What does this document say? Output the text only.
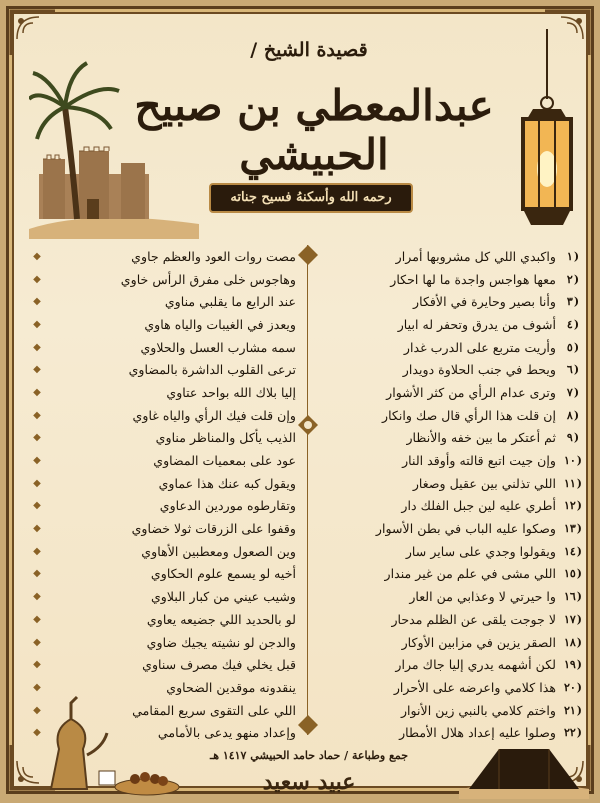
قصيدة الشيخ /
عبدالمعطي بن صبيح الحبيشي
رحمه الله وأسكنهُ فسيح جناته
( ١
واكبدي اللي كل مشروبها أمرار
( ٢
معها هواجس واجدة ما لها احكار
( ٣
وأنا بصير وحايرة في الأفكار
( ٤
أشوف من يدرق وتحفر له ابيار
( ٥
وأريت متربع على الدرب غدار
( ٦
ويحط في جنب الحلاوة دويدار
( ٧
وترى عدام الرأي من كثر الأشوار
( ٨
إن قلت هذا الرأي قال صك وانكار
( ٩
ثم أعتكر ما بين خفه والأنظار
( ١٠
وإن جيت اتبع قالته وأوقد النار
( ١١
اللي تذلني بين عقيل وصغار
( ١٢
أطري عليه لين جبل الفلك دار
( ١٣
وصكوا عليه الباب في بطن الأسوار
( ١٤
ويقولوا وجدي على ساير سار
( ١٥
اللي مشى في علم من غير مندار
( ١٦
وا حيرتي لا وعذابي من العار
( ١٧
لا جوجت يلقى عن الظلم مدحار
( ١٨
الصقر يزين في مزابين الأوكار
( ١٩
لكن أشهمه يدري إليا جاك مرار
( ٢٠
هذا كلامي واعرضه على الأحرار
( ٢١
واختم كلامي بالنبي زين الأنوار
( ٢٢
وصلوا عليه إعداد هلال الأمطار
مصت روات العود والعظم جاوي
◆
وهاجوس خلى مفرق الرأس خاوي
◆
عند الرايع ما يقلبي مناوي
◆
ويعدز في الغيبات والياه هاوي
◆
سمه مشارب العسل والحلاوي
◆
ترعى القلوب الداشرة بالمضاوي
◆
إليا بلاك الله بواحد عتاوي
◆
وإن قلت فيك الرأي والياه غاوي
◆
الذيب يأكل والمناظر مناوي
◆
عود على بمعميات المضاوي
◆
ويقول كبه عنك هذا عماوي
◆
وتقارطوه موردين الدعاوي
◆
وقفوا على الزرقات ثولا خضاوي
◆
وين الصعول ومعطبين الأهاوي
◆
أخيه لو يسمع علوم الحكاوي
◆
وشيب عيني من كبار البلاوي
◆
لو بالحديد اللي جضيعه يعاوي
◆
والدجن لو نشيته يجيك ضاوي
◆
قبل يخلي فيك مصرف سناوي
◆
ينقدونه موقدين الضحاوي
◆
اللي على التقوى سريع المقامي
◆
وإعداد منهو يدعى بالأمامي
◆
جمع وطباعة / حماد حامد الحبيشي ١٤١٧ هـ
عبيد سعيد
